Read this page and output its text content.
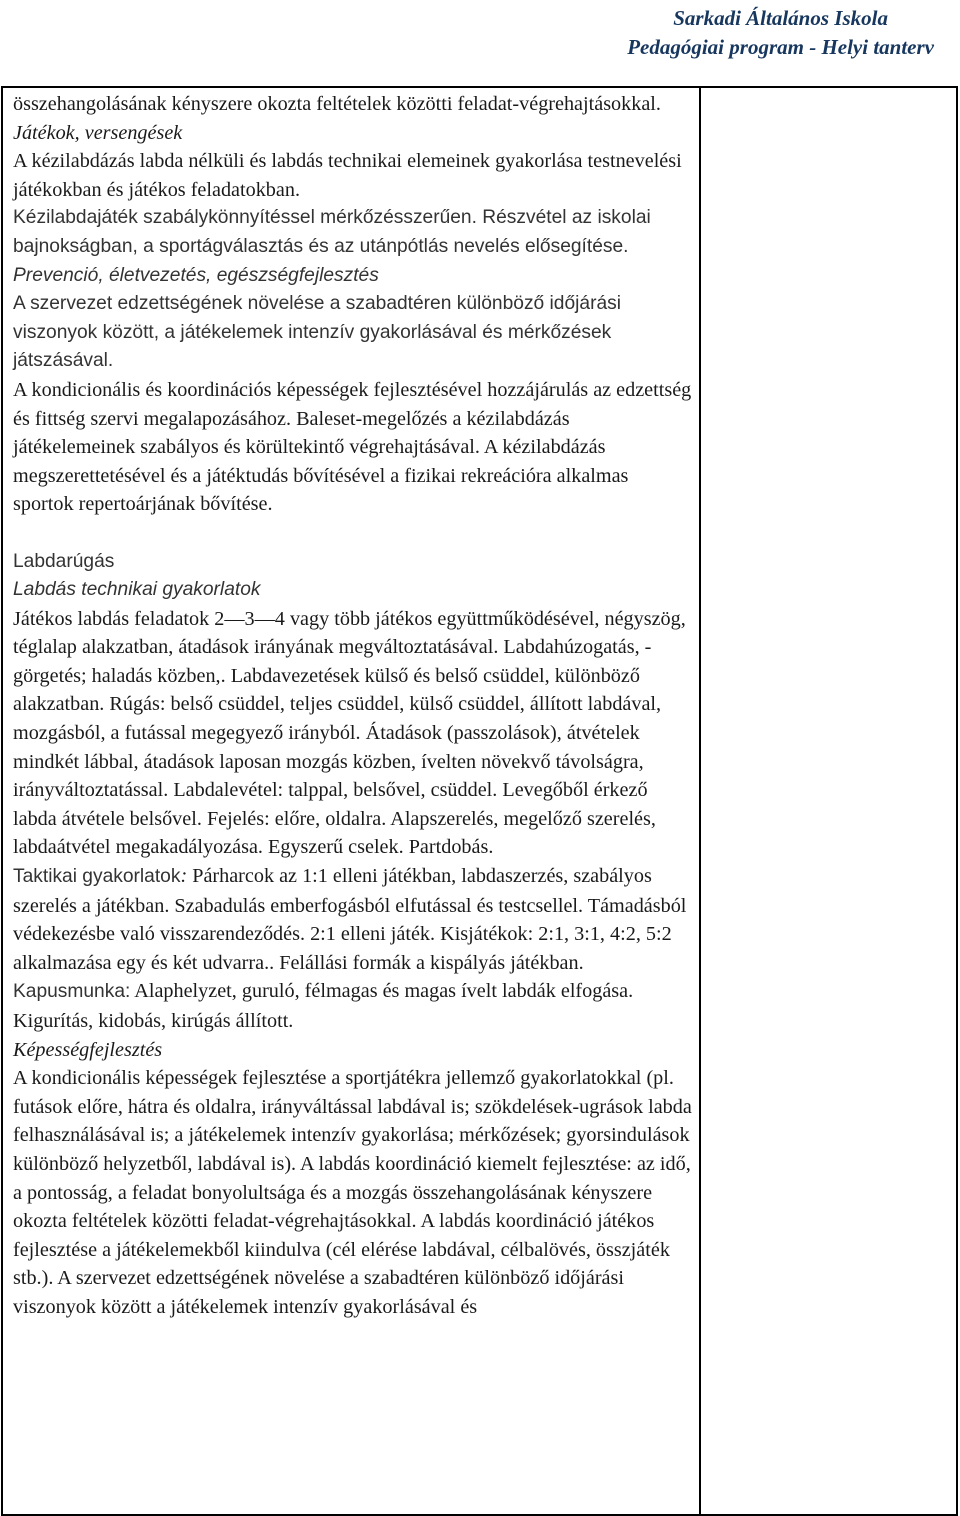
Sarkadi Általános Iskola
Pedagógiai program - Helyi tanterv

összehangolásának kényszere okozta feltételek közötti feladat-végrehajtásokkal.

Játékok, versengések

A kézilabdázás labda nélküli és labdás technikai elemeinek gyakorlása testnevelési játékokban és játékos feladatokban.

Kézilabdajáték szabálykönnyítéssel mérkőzésszerűen. Részvétel az iskolai bajnokságban, a sportágválasztás és az utánpótlás nevelés elősegítése.

Prevenció, életvezetés, egészségfejlesztés

A szervezet edzettségének növelése a szabadtéren különböző időjárási viszonyok között, a játékelemek intenzív gyakorlásával és mérkőzések játszásával.

A kondicionális és koordinációs képességek fejlesztésével hozzájárulás az edzettség és fittség szervi megalapozásához. Baleset-megelőzés a kézilabdázás játékelemeinek szabályos és körültekintő végrehajtásával. A kézilabdázás megszerettetésével és a játéktudás bővítésével a fizikai rekreációra alkalmas sportok repertoárjának bővítése.

Labdarúgás

Labdás technikai gyakorlatok

Játékos labdás feladatok 2―3―4 vagy több játékos együttműködésével, négyszög, téglalap alakzatban, átadások irányának megváltoztatásával. Labdahúzogatás, -görgetés; haladás közben,. Labdavezetések külső és belső csüddel, különböző alakzatban. Rúgás: belső csüddel, teljes csüddel, külső csüddel, állított labdával, mozgásból, a futással megegyező irányból. Átadások (passzolások), átvételek mindkét lábbal, átadások laposan mozgás közben, ívelten növekvő távolságra, irányváltoztatással. Labdalevétel: talppal, belsővel, csüddel. Levegőből érkező labda átvétele belsővel. Fejelés: előre, oldalra. Alapszerelés, megelőző szerelés, labdaátvétel megakadályozása. Egyszerű cselek. Partdobás.

Taktikai gyakorlatok: Párharcok az 1:1 elleni játékban, labdaszerzés, szabályos szerelés a játékban. Szabadulás emberfogásból elfutással és testcsellel. Támadásból védekezésbe való visszarendeződés. 2:1 elleni játék. Kisjátékok: 2:1, 3:1, 4:2, 5:2 alkalmazása egy és két udvarra.. Felállási formák a kispályás játékban.

Kapusmunka: Alaphelyzet, guruló, félmagas és magas ívelt labdák elfogása. Kigurítás, kidobás, kirúgás állított.

Képességfejlesztés

A kondicionális képességek fejlesztése a sportjátékra jellemző gyakorlatokkal (pl. futások előre, hátra és oldalra, irányváltással labdával is; szökdelések-ugrások labda felhasználásával is; a játékelemek intenzív gyakorlása; mérkőzések; gyorsindulások különböző helyzetből, labdával is). A labdás koordináció kiemelt fejlesztése: az idő, a pontosság, a feladat bonyolultsága és a mozgás összehangolásának kényszere okozta feltételek közötti feladat-végrehajtásokkal. A labdás koordináció játékos fejlesztése a játékelemekből kiindulva (cél elérése labdával, célbalövés, összjáték stb.). A szervezet edzettségének növelése a szabadtéren különböző időjárási viszonyok között a játékelemek intenzív gyakorlásával és
